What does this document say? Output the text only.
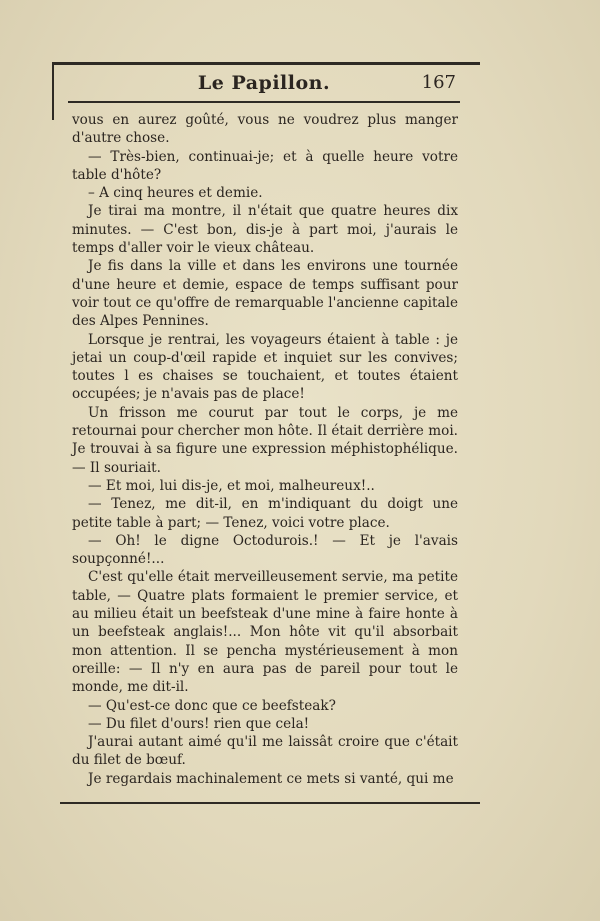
Le Papillon.	167

vous en aurez goûté, vous ne voudrez plus manger d'autre chose.

— Très-bien, continuai-je; et à quelle heure votre table d'hôte?

– A cinq heures et demie.

Je tirai ma montre, il n'était que quatre heures dix minutes. — C'est bon, dis-je à part moi, j'aurais le temps d'aller voir le vieux château.

Je fis dans la ville et dans les environs une tournée d'une heure et demie, espace de temps suffisant pour voir tout ce qu'offre de remarquable l'ancienne capitale des Alpes Pennines.

Lorsque je rentrai, les voyageurs étaient à table : je jetai un coup-d'œil rapide et inquiet sur les convives; toutes l es chaises se touchaient, et toutes étaient occupées; je n'avais pas de place!

Un frisson me courut par tout le corps, je me retournai pour chercher mon hôte. Il était derrière moi. Je trouvai à sa figure une expression méphistophélique. — Il souriait.

— Et moi, lui dis-je, et moi, malheureux!..

— Tenez, me dit-il, en m'indiquant du doigt une petite table à part; — Tenez, voici votre place.

— Oh! le digne Octodurois.! — Et je l'avais soupçonné!...

C'est qu'elle était merveilleusement servie, ma petite table, — Quatre plats formaient le premier service, et au milieu était un beefsteak d'une mine à faire honte à un beefsteak anglais!... Mon hôte vit qu'il absorbait mon attention. Il se pencha mystérieusement à mon oreille: — Il n'y en aura pas de pareil pour tout le monde, me dit-il.

— Qu'est-ce donc que ce beefsteak?

— Du filet d'ours! rien que cela!

J'aurai autant aimé qu'il me laissât croire que c'était du filet de bœuf.

Je regardais machinalement ce mets si vanté, qui me
